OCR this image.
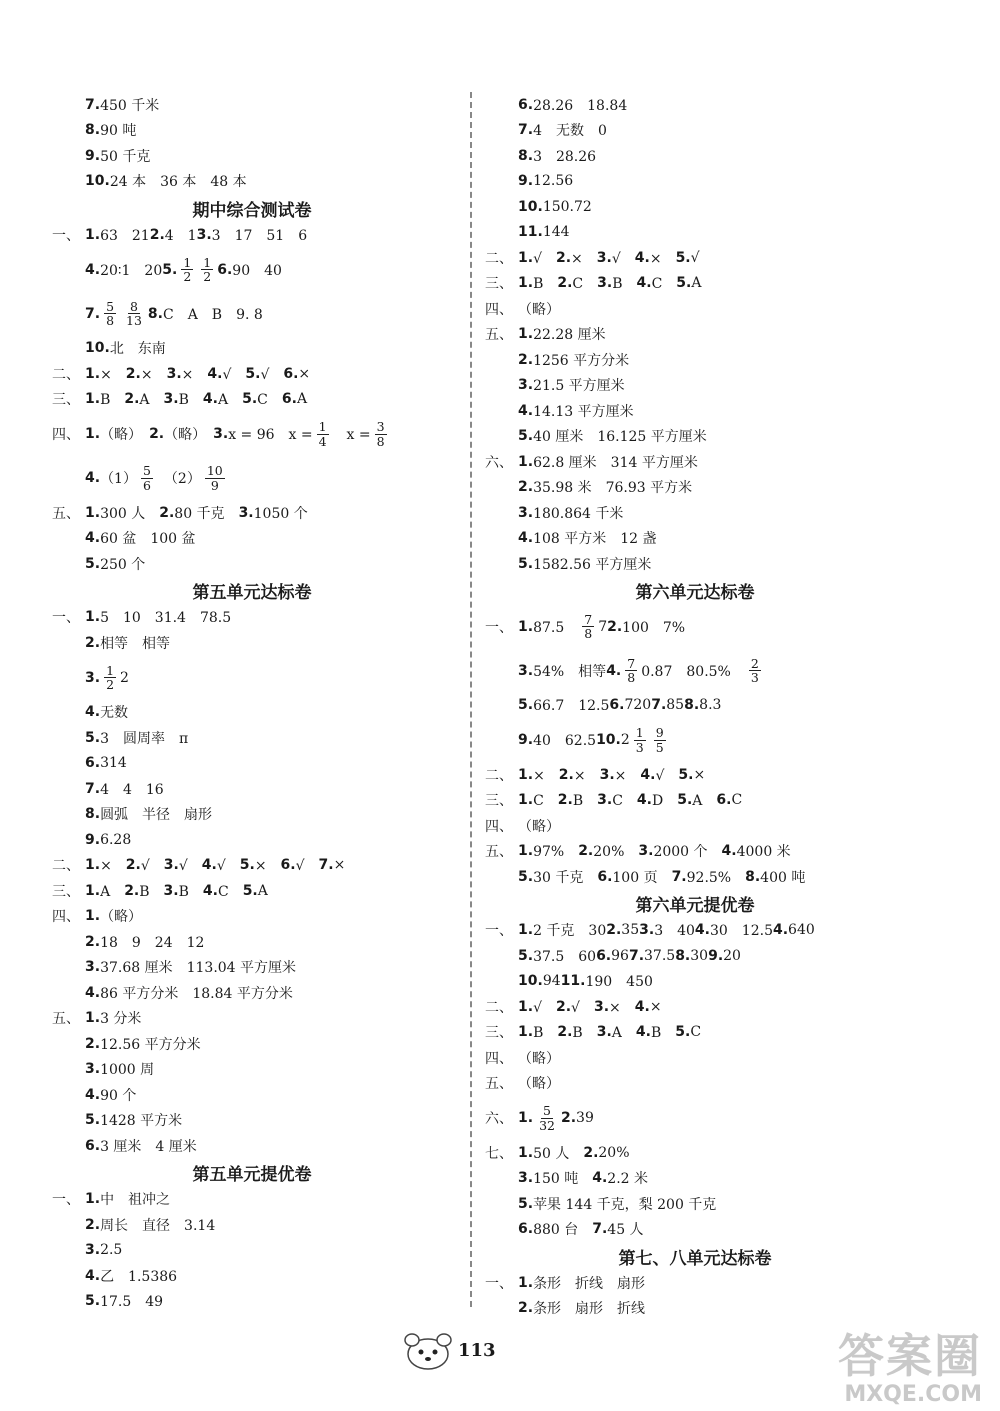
7. 450 千米
8. 90 吨
9. 50 千克
10. 24 本　36 本　48 本
期中综合测试卷
一、 1. 63　21 2. 4　1 3. 3　17　51　6
4. 20∶1　20 5. $\frac{1}{2} \frac{1}{2} 6$. 90　40
7. $\frac{5}{8} \frac{8}{13} 8$. C　A　B　9. 8
10. 北　东南
二、 1. ×　 2. ×　 3. ×　 4. √　 5. √　 6. ×
三、 1. B　 2. A　 3. B　 4. A　 5. C　 6. A
四、 1. （略）　 2. （略）　 3. x = 96　$x = \frac{1}{4}$ 　$x = \frac{3}{8}$
4. $(1) \frac{5}{6}$ 　$(2) \frac{10}{9}$
五、 1. 300 人　 2. 80 千克　 3. 1050 个
4. 60 盆　100 盆
5. 250 个
第五单元达标卷
一、 1. 5　10　31.4　78.5
2. 相等　相等
3. $\frac{1}{2} 2$
4. 无数
5. 3　圆周率　π
6. 314
7. 4　4　16
8. 圆弧　半径　扇形
9. 6.28
二、 1. ×　 2. √　 3. √　 4. √　 5. ×　 6. √　 7. ×
三、 1. A　 2. B　 3. B　 4. C　 5. A
四、 1. （略）
2. 18　9　24　12
3. 37.68 厘米　113.04 平方厘米
4. 86 平方分米　18.84 平方分米
五、 1. 3 分米
2. 12.56 平方分米
3. 1000 周
4. 90 个
5. 1428 平方米
6. 3 厘米　4 厘米
第五单元提优卷
一、 1. 中　祖冲之
2. 周长　直径　3.14
3. 2.5
4. 乙　1.5386
5. 17.5　49
6. 28.26　18.84
7. 4　无数　0
8. 3　28.26
9. 12.56
10. 150.72
11. 144
二、 1. √　 2. ×　 3. √　 4. ×　 5. √
三、 1. B　 2. C　 3. B　 4. C　 5. A
四、 （略）
五、 1. 22.28 厘米
2. 1256 平方分米
3. 21.5 平方厘米
4. 14.13 平方厘米
5. 40 厘米　16.125 平方厘米
六、 1. 62.8 厘米　314 平方厘米
2. 35.98 米　76.93 平方米
3. 180.864 千米
4. 108 平方米　12 盏
5. 1582.56 平方厘米
第六单元达标卷
一、 1. 87.5　 $\frac{7}{8} 7$ 2. 100　7%
3. 54%　相等 4. $\frac{7}{8} 0.87$　80.5%　 $\frac{2}{3}$
5. 66.7　12.5 6. 720 7. 85 8. 8.3
9. 40　62.5 10. $2 \frac{1}{3} \frac{9}{5}$
二、 1. ×　 2. ×　 3. ×　 4. √　 5. ×
三、 1. C　 2. B　 3. C　 4. D　 5. A　 6. C
四、 （略）
五、 1. 97%　 2. 20%　 3. 2000 个　 4. 4000 米
5. 30 千克　 6. 100 页　 7. 92.5%　 8. 400 吨
第六单元提优卷
一、 1. 2 千克　30 2. 35 3. 3　40 4. 30　12.5 4. 640
5. 37.5　60 6. 96 7. 37.5 8. 30 9. 20
10. 94 11. 190　450
二、 1. √　 2. √　 3. ×　 4. ×
三、 1. B　 2. B　 3. A　 4. B　 5. C
四、 （略）
五、 （略）
六、 1. $\frac{5}{32} 2$. 39
七、 1. 50 人　 2. 20%
3. 150 吨　 4. 2.2 米
5. 苹果 144 千克，梨 200 千克
6. 880 台　 7. 45 人
第七、八单元达标卷
一、 1. 条形　折线　扇形
2. 条形　扇形　折线
113	答案圈
MXQE.COM
